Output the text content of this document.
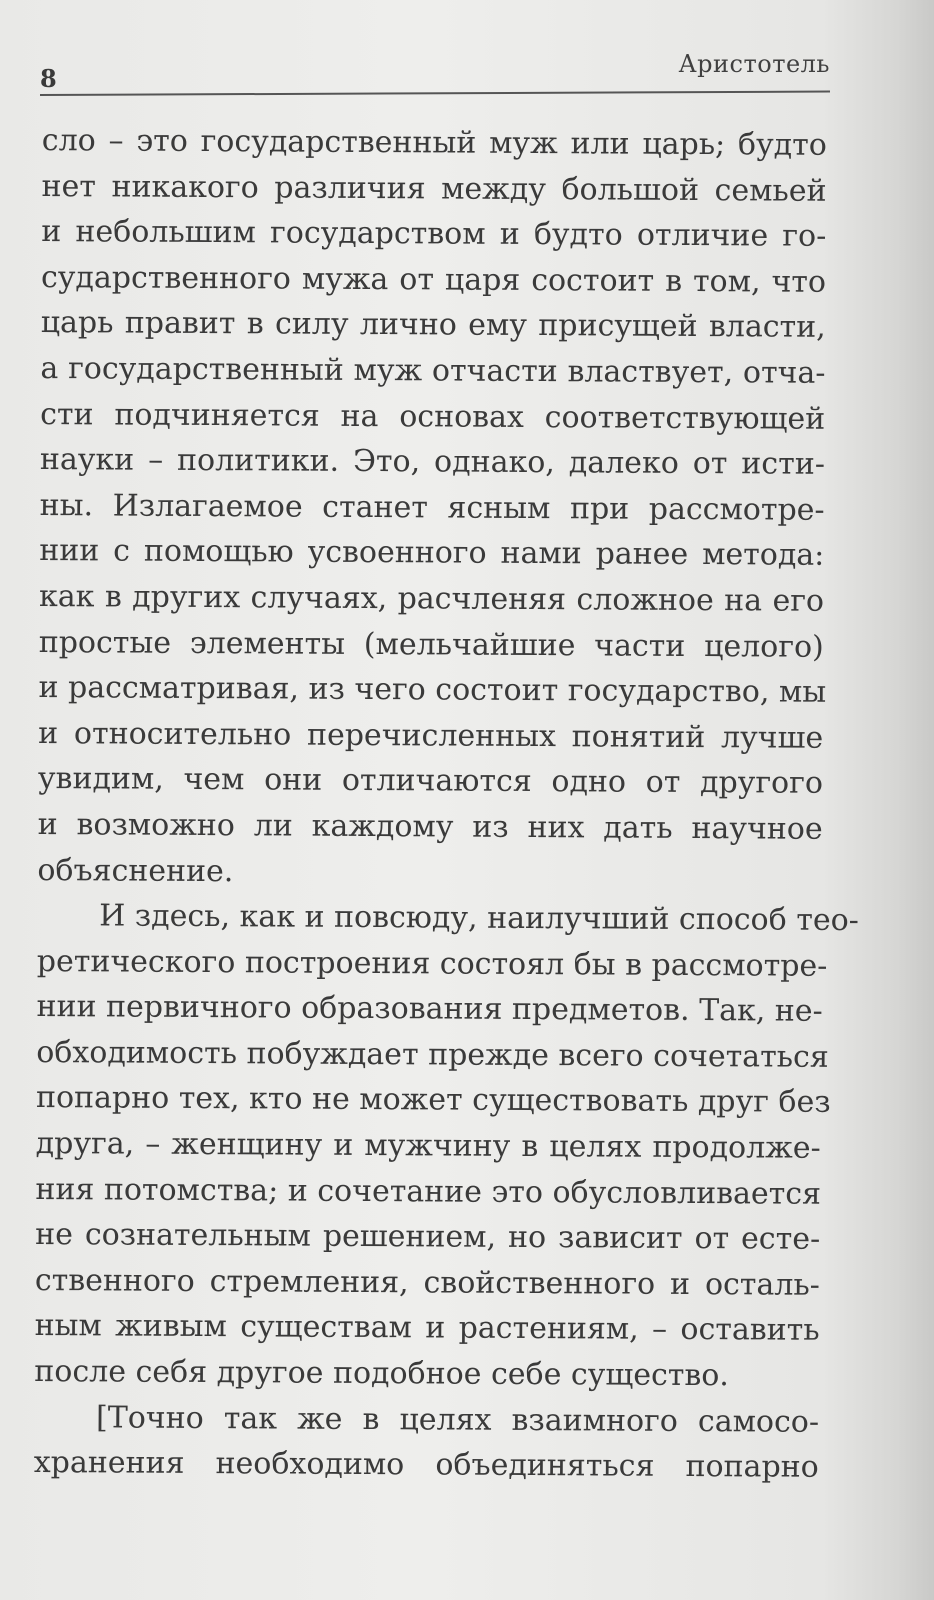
8	Аристотель
сло – это государственный муж или царь; будто
нет никакого различия между большой семьей
и небольшим государством и будто отличие го-
сударственного мужа от царя состоит в том, что
царь правит в силу лично ему присущей власти,
а государственный муж отчасти властвует, отча-
сти подчиняется на основах соответствующей
науки – политики. Это, однако, далеко от исти-
ны. Излагаемое станет ясным при рассмотре-
нии с помощью усвоенного нами ранее метода:
как в других случаях, расчленяя сложное на его
простые элементы (мельчайшие части целого)
и рассматривая, из чего состоит государство, мы
и относительно перечисленных понятий лучше
увидим, чем они отличаются одно от другого
и возможно ли каждому из них дать научное
объяснение.
И здесь, как и повсюду, наилучший способ тео-
ретического построения состоял бы в рассмотре-
нии первичного образования предметов. Так, не-
обходимость побуждает прежде всего сочетаться
попарно тех, кто не может существовать друг без
друга, – женщину и мужчину в целях продолже-
ния потомства; и сочетание это обусловливается
не сознательным решением, но зависит от есте-
ственного стремления, свойственного и осталь-
ным живым существам и растениям, – оставить
после себя другое подобное себе существо.
[Точно так же в целях взаимного самосо-
хранения необходимо объединяться попарно
